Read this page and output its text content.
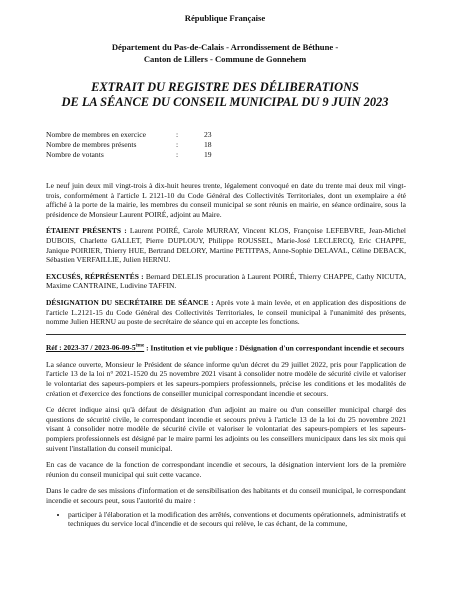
République Française
Département du Pas-de-Calais - Arrondissement de Béthune -
Canton de Lillers - Commune de Gonnehem
EXTRAIT DU REGISTRE DES DÉLIBERATIONS
DE LA SÉANCE DU CONSEIL MUNICIPAL DU 9 JUIN 2023
Nombre de membres en exercice	:	23
Nombre de membres présents	:	18
Nombre de votants	:	19

Le neuf juin deux mil vingt-trois à dix-huit heures trente, légalement convoqué en date du trente mai deux mil vingt-trois, conformément à l'article L 2121-10 du Code Général des Collectivités Territoriales, dont un exemplaire a été affiché à la porte de la mairie, les membres du conseil municipal se sont réunis en mairie, en séance ordinaire, sous la présidence de Monsieur Laurent POIRÉ, adjoint au Maire.

ÉTAIENT PRÉSENTS : Laurent POIRÉ, Carole MURRAY, Vincent KLOS, Françoise LEFEBVRE, Jean-Michel DUBOIS, Charlette GALLET, Pierre DUPLOUY, Philippe ROUSSEL, Marie-José LECLERCQ, Eric CHAPPE, Janique POIRIER, Thierry HUE, Bertrand DELORY, Martine PETITPAS, Anne-Sophie DELAVAL, Céline DEBACK, Sébastien VERFAILLIE, Julien HERNU.

EXCUSÉS, RÉPRÉSENTÉS : Bernard DELELIS procuration à Laurent POIRÉ, Thierry CHAPPE, Cathy NICUTA, Maxime CANTRAINE, Ludivine TAFFIN.

DÉSIGNATION DU SECRÉTAIRE DE SÉANCE : Après vote à main levée, et en application des dispositions de l'article L.2121-15 du Code Général des Collectivités Territoriales, le conseil municipal à l'unanimité des présents, nomme Julien HERNU au poste de secrétaire de séance qui en accepte les fonctions.

Réf : 2023-37 / 2023-06-09-5ème : Institution et vie publique : Désignation d'un correspondant incendie et secours

La séance ouverte, Monsieur le Président de séance informe qu'un décret du 29 juillet 2022, pris pour l'application de l'article 13 de la loi n° 2021-1520 du 25 novembre 2021 visant à consolider notre modèle de sécurité civile et valoriser le volontariat des sapeurs-pompiers et les sapeurs-pompiers professionnels, précise les conditions et les modalités de création et d'exercice des fonctions de conseiller municipal correspondant incendie et secours.

Ce décret indique ainsi qu'à défaut de désignation d'un adjoint au maire ou d'un conseiller municipal chargé des questions de sécurité civile, le correspondant incendie et secours prévu à l'article 13 de la loi du 25 novembre 2021 visant à consolider notre modèle de sécurité civile et valoriser le volontariat des sapeurs-pompiers et les sapeurs-pompiers professionnels est désigné par le maire parmi les adjoints ou les conseillers municipaux dans les six mois qui suivent l'installation du conseil municipal.

En cas de vacance de la fonction de correspondant incendie et secours, la désignation intervient lors de la première réunion du conseil municipal qui suit cette vacance.

Dans le cadre de ses missions d'information et de sensibilisation des habitants et du conseil municipal, le correspondant incendie et secours peut, sous l'autorité du maire :

• participer à l'élaboration et la modification des arrêtés, conventions et documents opérationnels, administratifs et techniques du service local d'incendie et de secours qui relève, le cas échant, de la commune,
